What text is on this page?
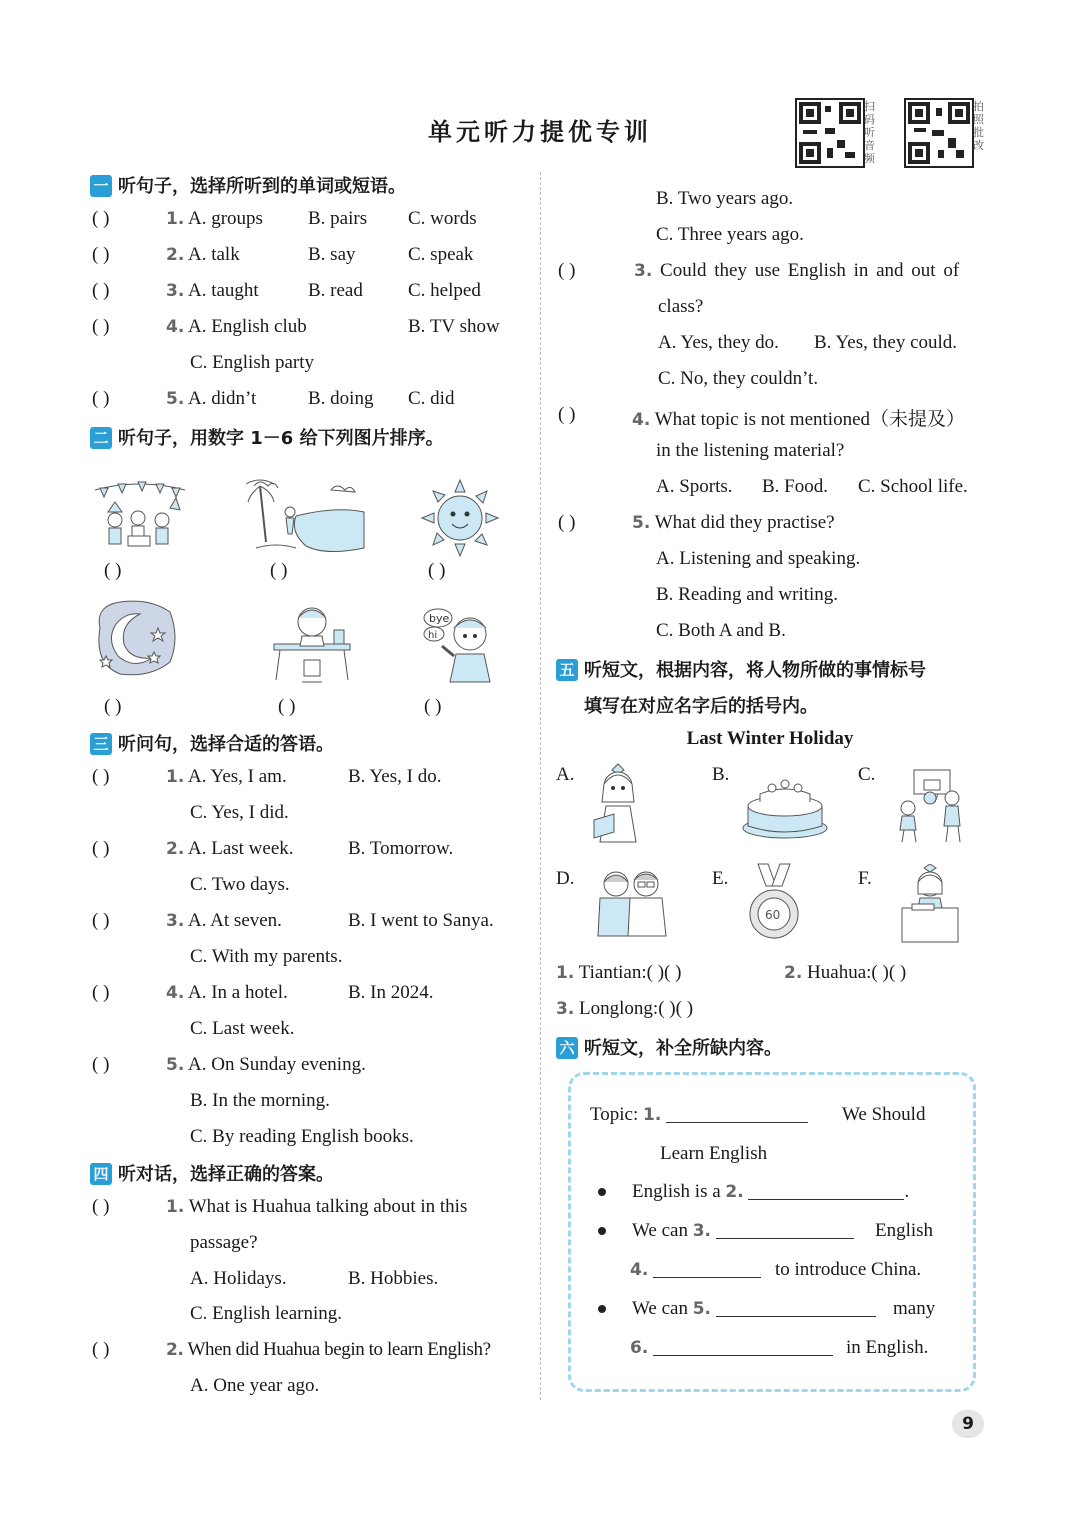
单元听力提优专训
扫码听音频
拍照批改
一 听句子，选择所听到的单词或短语。
( )	1. A. groups B. pairs C. words
( )	2. A. talk	B. say	C. speak
( )	3. A. taught	B. read C. helped
( )	4. A. English club	B. TV show
C. English party
( )	5. A. didn’t	B. doing C. did
二 听句子，用数字 1－6 给下列图片排序。
( )	( )	( )
bye
hi
( )	( )	( )
三 听问句，选择合适的答语。
( )	1. A. Yes, I am.	B. Yes, I do.
C. Yes, I did.
( )	2. A. Last week.	B. Tomorrow.
C. Two days.
( )	3. A. At seven.	B. I went to Sanya.
C. With my parents.
( )	4. A. In a hotel.	B. In 2024.
C. Last week.
( )	5. A. On Sunday evening.
B. In the morning.
C. By reading English books.
四 听对话，选择正确的答案。
( )	1. What is Huahua talking about in this
passage?
A. Holidays.	B. Hobbies.
C. English learning.
( )	2. When did Huahua begin to learn English?
A. One year ago.
B. Two years ago.
C. Three years ago.
( )	3. Could they use English in and out of
class?
A. Yes, they do. B. Yes, they could.
C. No, they couldn’t.
( )	4. What topic is not mentioned（未提及）
in the listening material?
A. Sports. B. Food. C. School life.
( )	5. What did they practise?
A. Listening and speaking.
B. Reading and writing.
C. Both A and B.
五 听短文，根据内容，将人物所做的事情标号
填写在对应名字后的括号内。
Last Winter Holiday
A.	B.	C.
D.	E.	F.
60
1. Tiantian:( )( )	2. Huahua:( )( )
3. Longlong:( )( )
六 听短文，补全所缺内容。
Topic: 1.	We Should
Learn English
English is a 2.	.
We can 3.	English
4.	to introduce China.
We can 5.	many
6.	in English.
9
